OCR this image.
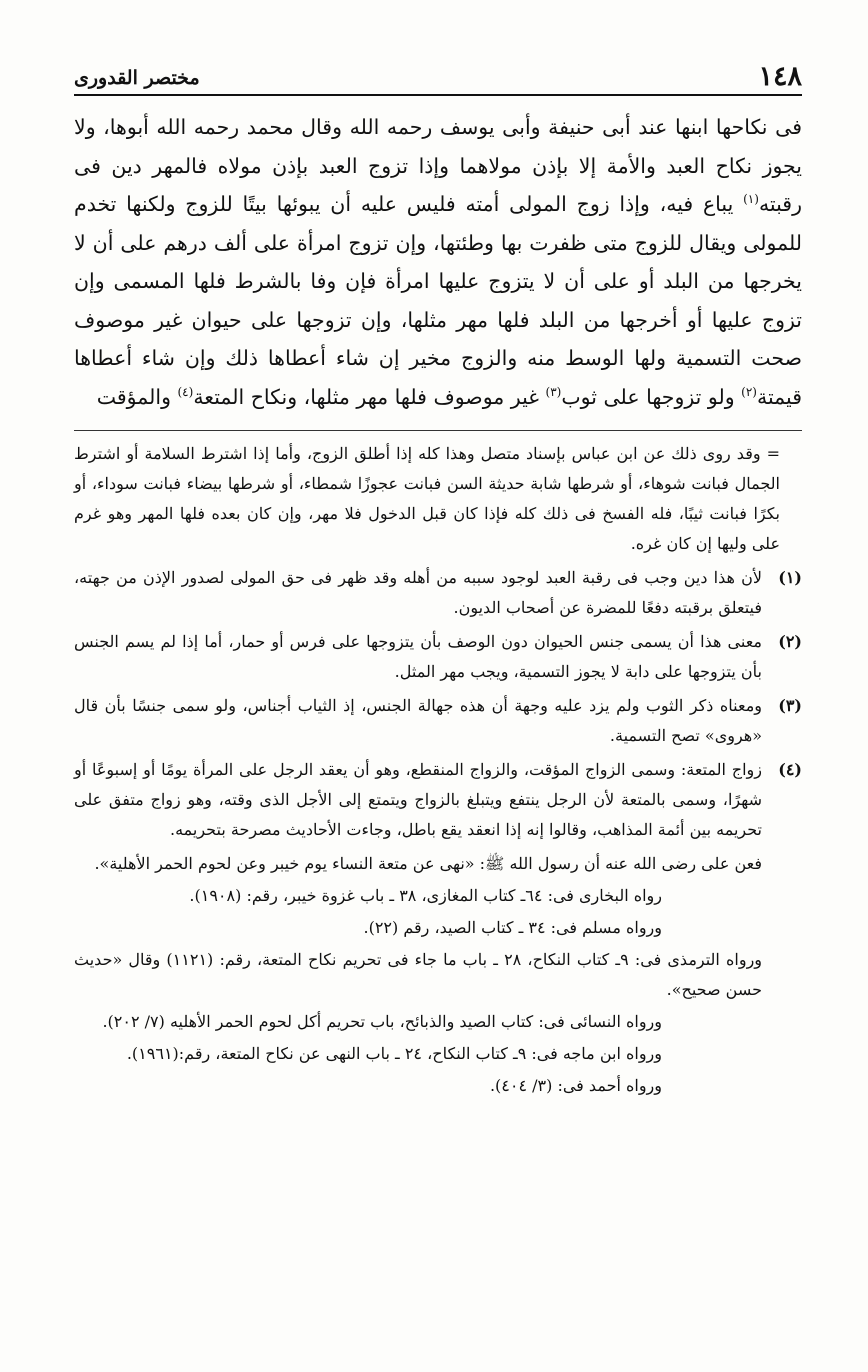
١٤٨
مختصر القدورى
فى نكاحها ابنها عند أبى حنيفة وأبى يوسف رحمه الله وقال محمد رحمه الله أبوها، ولا يجوز نكاح العبد والأمة إلا بإذن مولاهما وإذا تزوج العبد بإذن مولاه فالمهر دين فى رقبته$^{(١)}$ يباع فيه، وإذا زوج المولى أمته فليس عليه أن يبوئها بيتًا للزوج ولكنها تخدم للمولى ويقال للزوج متى ظفرت بها وطئتها، وإن تزوج امرأة على ألف درهم على أن لا يخرجها من البلد أو على أن لا يتزوج عليها امرأة فإن وفا بالشرط فلها المسمى وإن تزوج عليها أو أخرجها من البلد فلها مهر مثلها، وإن تزوجها على حيوان غير موصوف صحت التسمية ولها الوسط منه والزوج مخير إن شاء أعطاها ذلك وإن شاء أعطاها قيمتة$^{(٢)}$ ولو تزوجها على ثوب$^{(٣)}$ غير موصوف فلها مهر مثلها، ونكاح المتعة$^{(٤)}$ والمؤقت
= وقد روى ذلك عن ابن عباس بإسناد متصل وهذا كله إذا أطلق الزوج، وأما إذا اشترط السلامة أو اشترط الجمال فبانت شوهاء، أو شرطها شابة حديثة السن فبانت عجوزًا شمطاء، أو شرطها بيضاء فبانت سوداء، أو بكرًا فبانت ثيبًا، فله الفسخ فى ذلك كله فإذا كان قبل الدخول فلا مهر، وإن كان بعده فلها المهر وهو غرم على وليها إن كان غره.
(١)
لأن هذا دين وجب فى رقبة العبد لوجود سببه من أهله وقد ظهر فى حق المولى لصدور الإذن من جهته، فيتعلق برقبته دفعًا للمضرة عن أصحاب الديون.
(٢)
معنى هذا أن يسمى جنس الحيوان دون الوصف بأن يتزوجها على فرس أو حمار، أما إذا لم يسم الجنس بأن يتزوجها على دابة لا يجوز التسمية، ويجب مهر المثل.
(٣)
ومعناه ذكر الثوب ولم يزد عليه وجهة أن هذه جهالة الجنس، إذ الثياب أجناس، ولو سمى جنسًا بأن قال «هروى» تصح التسمية.
(٤)
زواج المتعة: وسمى الزواج المؤقت، والزواج المنقطع، وهو أن يعقد الرجل على المرأة يومًا أو إسبوعًا أو شهرًا، وسمى بالمتعة لأن الرجل ينتفع ويتبلغ بالزواج ويتمتع إلى الأجل الذى وقته، وهو زواج متفق على تحريمه بين أئمة المذاهب، وقالوا إنه إذا انعقد يقع باطل، وجاءت الأحاديث مصرحة بتحريمه.
فعن على رضى الله عنه أن رسول الله ﷺ: «نهى عن متعة النساء يوم خيبر وعن لحوم الحمر الأهلية».
رواه البخارى فى: ٦٤ـ كتاب المغازى، ٣٨ ـ باب غزوة خيبر، رقم: (١٩٠٨).
ورواه مسلم فى: ٣٤ ـ كتاب الصيد، رقم (٢٢).
ورواه الترمذى فى: ٩ـ كتاب النكاح، ٢٨ ـ باب ما جاء فى تحريم نكاح المتعة، رقم: (١١٢١) وقال «حديث حسن صحيح».
ورواه النسائى فى: كتاب الصيد والذبائح، باب تحريم أكل لحوم الحمر الأهليه (٧/ ٢٠٢).
ورواه ابن ماجه فى: ٩ـ كتاب النكاح، ٢٤ ـ باب النهى عن نكاح المتعة، رقم:(١٩٦١).
ورواه أحمد فى: (٣/ ٤٠٤).
